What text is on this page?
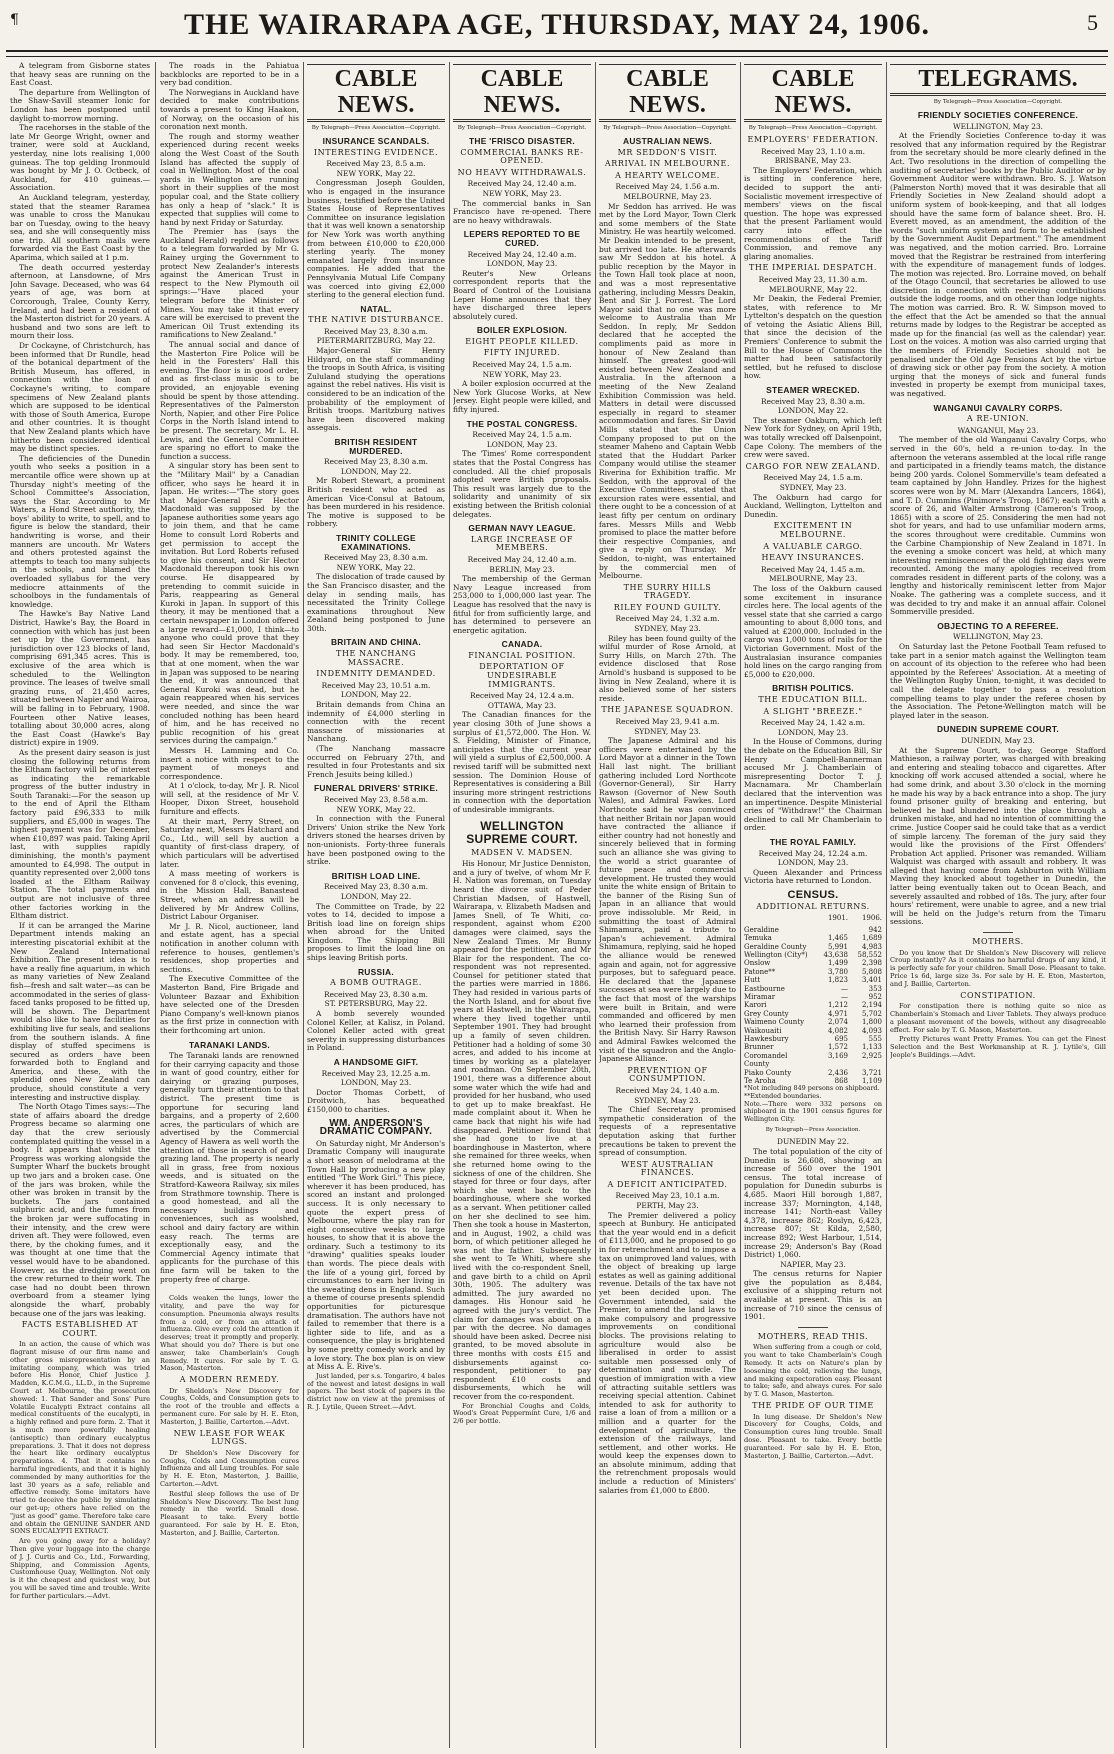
¶	THE WAIRARAPA AGE, THURSDAY, MAY 24, 1906.	5

A telegram from Gisborne states that heavy seas are running on the East Coast.

The departure from Wellington of the Shaw-Savill steamer Ionic for London has been postponed until daylight to-morrow morning.

The racehorses in the stable of the late Mr George Wright, owner and trainer, were sold at Auckland, yesterday, nine lots realising 1,000 guineas. The top gelding Ironmould was bought by Mr J. O. Octbeck, of Auckland, for 410 guineas.—Association.

An Auckland telegram, yesterday, stated that the steamer Raramea was unable to cross the Manukau bar on Tuesday, owing to the heavy sea, and she will consequently miss one trip. All southern mails were forwarded via the East Coast by the Aparima, which sailed at 1 p.m.

The death occurred yesterday afternoon, at Lansdowne, of Mrs John Savage. Deceased, who was 64 years of age, was born at Corcorough, Tralee, County Kerry, Ireland, and had been a resident of the Masterton district for 20 years. A husband and two sons are left to mourn their loss.

Dr Cockayne, of Christchurch, has been informed that Dr Rundle, head of the botanical department of the British Museum, has offered, in connection with the loan of Cockayne's writing, to compare specimens of New Zealand plants which are supposed to be identical with those of South America, Europe and other countries. It is thought that New Zealand plants which have hitherto been considered identical may be distinct species.

The deficiencies of the Dunedin youth who seeks a position in a mercantile office were shown up at Thursday night's meeting of the School Committee's Association, says the Star. According to Mr Waters, a Hond Street authority, the boys' ability to write, to spell, and to figure is below the standard, their handwriting is worse, and their manners are uncouth. Mr Waters and others protested against the attempts to teach too many subjects in the schools, and blamed the overloaded syllabus for the very mediocre attainments of the schoolboys in the fundamentals of knowledge.

The Hawke's Bay Native Land District, Hawke's Bay, the Board in connection with which has just been set up by the Government, has jurisdiction over 123 blocks of land, comprising 691,345 acres. This is exclusive of the area which is scheduled to the Wellington province. The leases of twelve small grazing runs, of 21,450 acres, situated between Napier and Wairoa, will be falling in to February, 1908. Fourteen other Native leases, totalling about 30,000 acres, along the East Coast (Hawke's Bay district) expire in 1909.

As the present dairy season is just closing the following returns from the Eltham factory will be of interest as indicating the remarkable progress of the butter industry in South Taranaki:—For the season up to the end of April the Eltham factory paid £96,333 to milk suppliers, and £5,000 in wages. The highest payment was for December, when £10,897 was paid. Taking April last, with supplies rapidly diminishing, the month's payment amounted to £4,998. The output in quantity represented over 2,000 tons loaded at the Eltham Railway Station. The total payments and output are not inclusive of three other factories working in the Eltham district.

If it can be arranged the Marine Department intends making an interesting piscatorial exhibit at the New Zealand International Exhibition. The present idea is to have a really fine aquarium, in which as many varieties of New Zealand fish—fresh and salt water—as can be accommodated in the series of glass-faced tanks proposed to be fitted up, will be shown. The Department would also like to have facilities for exhibiting live fur seals, and sealions from the southern islands. A fine display of stuffed specimens is secured as orders have been forwarded both to England and America, and these, with the splendid ones New Zealand can produce, should constitute a very interesting and instructive display.

The North Otago Times says:—The state of affairs aboard the dredge Progress became so alarming one day that the crew seriously contemplated quitting the vessel in a body. It appears that whilst the Progress was working alongside the Sumpter Wharf the buckets brought up two jars and a broken case. One of the jars was broken, while the other was broken in transit by the buckets. The jars contained sulphuric acid, and the fumes from the broken jar were suffocating in their intensity, and the crew were driven aft. They were followed, even there, by the choking fumes, and it was thought at one time that the vessel would have to be abandoned. However, as the dredging went on the crew returned to their work. The case had no doubt been thrown overboard from a steamer lying alongside the wharf, probably because one of the jars was leaking.

FACTS ESTABLISHED AT COURT.

In an action, the cause of which was flagrant misuse of our firm name and other gross misrepresentation by an imitating company, which was tried before His Honor, Chief Justice J. Madden, K.C.M.G., LL.D., in the Supreme Court at Melbourne, the prosecution showed: 1. That Sander and Sons' Pure Volatile Eucalypti Extract contains all medical constituents of the eucalypti, in a highly refined and pure form. 2. That it is much more powerfully healing (antiseptic) than ordinary eucalyptus preparations. 3. That it does not depress the heart like ordinary eucalyptus preparations. 4. That it contains no harmful ingredients, and that it is highly commended by many authorities for the last 30 years as a safe, reliable and effective remedy. Some imitators have tried to deceive the public by simulating our get-up; others have relied on the "just as good" game. Therefore take care and obtain the GENUINE SANDER AND SONS EUCALYPTI EXTRACT.

Are you going away for a holiday? Then give your luggage into the charge of J. J. Curtis and Co., Ltd., Forwarding, Shipping, and Commission Agents, Customhouse Quay, Wellington. Not only is it the cheapest and quickest way, but you will be saved time and trouble. Write for further particulars.—Advt.

The roads in the Pahiatua backblocks are reported to be in a very bad condition.

The Norwegians in Auckland have decided to make contributions towards a present to King Haakon, of Norway, on the occasion of his coronation next month.

The rough and stormy weather experienced during recent weeks along the West Coast of the South Island has affected the supply of coal in Wellington. Most of the coal yards in Wellington are running short in their supplies of the most popular coal, and the State colliery has only a heap of "slack." It is expected that supplies will come to hand by next Friday or Saturday.

The Premier has (says the Auckland Herald) replied as follows to a telegram forwarded by Mr G. Rainey urging the Government to protect New Zealander's interests against the American Trust in respect to the New Plymouth oil springs:—"Have placed your telegram before the Minister of Mines. You may take it that every care will be exercised to prevent the American Oil Trust extending its ramifications to New Zealand."

The annual social and dance of the Masterton Fire Police will be held in the Foresters' Hall this evening. The floor is in good order, and as first-class music is to be provided, an enjoyable evening should be spent by those attending. Representatives of the Palmerston North, Napier, and other Fire Police Corps in the North Island intend to be present. The secretary, Mr L. H. Lewis, and the General Committee are sparing no effort to make the function a success.

A singular story has been sent to the "Military Mail" by a Canadian officer, who says he heard it in Japan. He writes:—"The story goes that Major-General Sir Hector Macdonald was supposed by the Japanese authorities some years ago to join them, and that he came Home to consult Lord Roberts and get permission to accept the invitation. But Lord Roberts refused to give his consent, and Sir Hector Macdonald thereupon took his own course. He disappeared by pretending to commit suicide in Paris, reappearing as General Kuroki in Japan. In support of this theory, it may be mentioned that a certain newspaper in London offered a large reward—£1,000, I think—to anyone who could prove that they had seen Sir Hector Macdonald's body. It may be remembered, too, that at one moment, when the war in Japan was supposed to be nearing the end, it was announced that General Kuroki was dead, but he again reappeared when his services were needed, and since the war concluded nothing has been heard of him, and he has received no public recognition of his great services during the campaign."

Messrs H. Lamming and Co. insert a notice with respect to the payment of moneys and correspondence.

At 1 o'clock, to-day, Mr J. R. Nicol will sell, at the residence of Mr V. Hooper, Dixon Street, household furniture and effects.

At their mart, Perry Street, on Saturday next, Messrs Hatchard and Co., Ltd., will sell by auction a quantity of first-class drapery, of which particulars will be advertised later.

A mass meeting of workers is convened for 8 o'clock, this evening, in the Mission Hall, Banastead Street, when an address will be delivered by Mr Andrew Collins, District Labour Organiser.

Mr J. R. Nicol, auctioneer, land and estate agent, has a special notification in another column with reference to houses, gentlemen's residences, shop properties and sections.

The Executive Committee of the Masterton Band, Fire Brigade and Volunteer Bazaar and Exhibition have selected one of the Dresden Piano Company's well-known pianos as the first prize in connection with their forthcoming art union.

TARANAKI LANDS.

The Taranaki lands are renowned for their carrying capacity and those in want of good country, either for dairying or grazing purposes, generally turn their attention to that district. The present time is opportune for securing land bargains, and a property of 2,600 acres, the particulars of which are advertised by the Commercial Agency of Hawera as well worth the attention of those in search of good grazing land. The property is nearly all in grass, free from noxious weeds, and is situated on the Stratford-Kaweora Railway, six miles from Strathmore township. There is a good homestead, and all the necessary buildings and conveniences, such as woolshed, school and dairy factory are within easy reach. The terms are exceptionally easy, and the Commercial Agency intimate that applicants for the purchase of this fine farm will be taken to the property free of charge.

Colds weaken the lungs, lower the vitality, and pave the way for consumption. Pneumonia always results from a cold, or from an attack of influenza. Give every cold the attention it deserves; treat it promptly and properly. What should you do? There is but one answer, take Chamberlain's Cough Remedy. It cures. For sale by T. G. Mason, Masterton.

A MODERN REMEDY.

Dr Sheldon's New Discovery for Coughs, Colds, and Consumption gets to the root of the trouble and effects a permanent cure. For sale by H. E. Eton, Masterton, J. Baillie, Carterton.—Advt.

NEW LEASE FOR WEAK LUNGS.

Dr Sheldon's New Discovery for Coughs, Colds and Consumption cures Influenza and all Lung troubles. For sale by H. E. Eton, Masterton, J. Baillie, Carterton.—Advt.

Restful sleep follows the use of Dr Sheldon's New Discovery. The best lung remedy in the world. Small dose. Pleasant to take. Every bottle guaranteed. For sale by H. E. Eton, Masterton, and J. Baillie, Carterton.

CABLE NEWS.
By Telegraph—Press Association—Copyright.
INSURANCE SCANDALS.
INTERESTING EVIDENCE.
Received May 23, 8.5 a.m.
NEW YORK, May 22.

Congressman Joseph Goulden, who is engaged in the insurance business, testified before the United States House of Representatives Committee on insurance legislation that it was well known a senatorship for New York was worth anything from between £10,000 to £20,000 sterling yearly. The money emanated largely from insurance companies. He added that the Pennsylvania Mutual Life Company was coerced into giving £2,000 sterling to the general election fund.

NATAL.
THE NATIVE DISTURBANCE.
Received May 23, 8.30 a.m.
PIETERMARITZBURG, May 22.

Major-General Sir Henry Hildyard, on the staff commanding the troops in South Africa, is visiting Zululand studying the operations against the rebel natives. His visit is considered to be an indication of the probability of the employment of British troops. Maritzburg natives have been discovered making assegais.

BRITISH RESIDENT MURDERED.
Received May 23, 8.30 a.m.
LONDON, May 22.

Mr Robert Stewart, a prominent British resident who acted as American Vice-Consul at Batoum, has been murdered in his residence. The motive is supposed to be robbery.

TRINITY COLLEGE EXAMINATIONS.
Received May 23, 8.30 a.m.
NEW YORK, May 22.

The dislocation of trade caused by the San Francisco disaster, and the delay in sending mails, has necessitated the Trinity College examinations throughout New Zealand being postponed to June 30th.

BRITAIN AND CHINA.
THE NANCHANG MASSACRE.
INDEMNITY DEMANDED.
Received May 23, 10.51 a.m.
LONDON, May 22.

Britain demands from China an indemnity of £4,000 sterling in connection with the recent massacre of missionaries at Nanchang.

(The Nanchang massacre occurred on February 27th, and resulted in four Protestants and six French Jesuits being killed.)

FUNERAL DRIVERS' STRIKE.
Received May 23, 8.58 a.m.
NEW YORK, May 22.

In connection with the Funeral Drivers' Union strike the New York drivers stoned the hearses driven by non-unionists. Forty-three funerals have been postponed owing to the strike.

BRITISH LOAD LINE.
Received May 23, 8.30 a.m.
LONDON, May 22.

The Committee on Trade, by 22 votes to 14, decided to impose a British load line on foreign ships when abroad for the United Kingdom. The Shipping Bill proposes to limit the load line on ships leaving British ports.

RUSSIA.
A BOMB OUTRAGE.
Received May 23, 8.30 a.m.
ST. PETERSBURG, May 22.

A bomb severely wounded Colonel Keller, at Kalisz, in Poland. Colonel Keller acted with great severity in suppressing disturbances in Poland.

A HANDSOME GIFT.
Received May 23, 12.25 a.m.
LONDON, May 23.

Doctor Thomas Corbett, of Droitwich, has bequeathed £150,000 to charities.

WM. ANDERSON'S DRAMATIC COMPANY.

On Saturday night, Mr Anderson's Dramatic Company will inaugurate a short season of melodrama at the Town Hall by producing a new play entitled "The Work Girl." This piece, wherever it has been produced, has scored an instant and prolonged success. It is only necessary to quote the expert press of Melbourne, where the play ran for eight consecutive weeks to large houses, to show that it is above the ordinary. Such a testimony to its "drawing" qualities speaks louder than words. The piece deals with the life of a young girl, forced by circumstances to earn her living in the sweating dens in England. Such a theme of course presents splendid opportunities for picturesque dramatisation. The authors have not failed to remember that there is a lighter side to life, and as a consequence, the play is brightened by some pretty comedy work and by a love story. The box plan is on view at Miss A. E. Rive's.

Just landed, per s.s. Tongariro, 4 bales of the newest and latest designs in wall papers. The best stock of papers in the district now on view at the premises of R. J. Lytile, Queen Street.—Advt.

CABLE NEWS.
By Telegraph—Press Association—Copyright.
THE 'FRISCO DISASTER.
COMMERCIAL BANKS RE-OPENED.
NO HEAVY WITHDRAWALS.
Received May 24, 12.40 a.m.
NEW YORK, May 23.

The commercial banks in San Francisco have re-opened. There are no heavy withdrawals.

LEPERS REPORTED TO BE CURED.
Received May 24, 12.40 a.m.
LONDON, May 23.

Reuter's New Orleans correspondent reports that the Board of Control of the Louisiana Leper Home announces that they have discharged three lepers absolutely cured.

BOILER EXPLOSION.
EIGHT PEOPLE KILLED.
FIFTY INJURED.
Received May 24, 1.5 a.m.
NEW YORK, May 23.

A boiler explosion occurred at the New York Glucose Works, at New Jersey. Eight people were killed, and fifty injured.

THE POSTAL CONGRESS.
Received May 24, 1.5 a.m.
LONDON, May 23.

The 'Times' Rome correspondent states that the Postal Congress has concluded. All the chief proposals adopted were British proposals. This result was largely due to the solidarity and unanimity of six existing between the British colonial delegates.

GERMAN NAVY LEAGUE.
LARGE INCREASE OF MEMBERS.
Received May 24, 12.40 a.m.
BERLIN, May 23.

The membership of the German Navy League increased from 253,000 to 1,000,000 last year. The League has resolved that the navy is fitful for from sufficiently large, and has determined to persevere an energetic agitation.

CANADA.
FINANCIAL POSITION.
DEPORTATION OF UNDESIRABLE IMMIGRANTS.
Received May 24, 12.4 a.m.
OTTAWA, May 23.

The Canadian finances for the year closing 30th of June shows a surplus of £1,572,000. The Hon. W. S. Fielding, Minister of Finance, anticipates that the current year will yield a surplus of £2,500,000. A revised tariff will be submitted next session. The Dominion House of Representatives is considering a Bill insuring more stringent restrictions in connection with the deportation of undesirable immigrants.

WELLINGTON SUPREME COURT.
MADSEN V. MADSEN.

His Honour, Mr Justice Denniston, and a jury of twelve, of whom Mr F. H. Nation was foreman, on Tuesday heard the divorce suit of Peder Christian Madsen, of Hastwell, Wairarapa, v. Elizabeth Madsen and James Snell, of Te Whiti, co-respondent, against whom £200 damages were claimed, says the New Zealand Times. Mr Bunny appeared for the petitioner, and Mr Blair for the respondent. The co-respondent was not represented. Counsel for petitioner stated that the parties were married in 1886. They had resided in various parts of the North Island, and for about five years at Hastwell, in the Wairarapa, where they lived together until September 1901. They had brought up a family of seven children. Petitioner had a holding of some 30 acres, and added to his income at times by working as a platelayer and roadman. On September 20th, 1901, there was a difference about some water which the wife had and provided for her husband, who used to get up to make breakfast. He made complaint about it. When he came back that night his wife had disappeared. Petitioner found that she had gone to live at a boardinghouse in Masterton, where she remained for three weeks, when she returned home owing to the sickness of one of the children. She stayed for three or four days, after which she went back to the boardinghouse, where she worked as a servant. When petitioner called on her she declined to see him. Then she took a house in Masterton, and in August, 1902, a child was born, of which petitioner alleged he was not the father. Subsequently she went to Te Whiti, where she lived with the co-respondent Snell, and gave birth to a child on April 30th, 1905. The adultery was admitted. The jury awarded no damages. His Honour said he agreed with the jury's verdict. The claim for damages was about on a par with the decree. No damages should have been asked. Decree nisi granted, to be moved absolute in three months with costs £15 and disbursements against co-respondent, petitioner to pay respondent £10 costs and disbursements, which he will recover from the co-respondent.

For Bronchial Coughs and Colds, Wood's Great Peppermint Cure, 1/6 and 2/6 per bottle.

CABLE NEWS.
By Telegraph—Press Association—Copyright.
AUSTRALIAN NEWS.
MR SEDDON'S VISIT.
ARRIVAL IN MELBOURNE.
A HEARTY WELCOME.
Received May 24, 1.56 a.m.
MELBOURNE, May 23.

Mr Seddon has arrived. He was met by the Lord Mayor, Town Clerk and some members of the State Ministry. He was heartily welcomed. Mr Deakin intended to be present, but arrived too late. He afterwards saw Mr Seddon at his hotel. A public reception by the Mayor in the Town Hall took place at noon, and was a most representative gathering, including Messrs Deakin, Bent and Sir J. Forrest. The Lord Mayor said that no one was more welcome to Australia than Mr Seddon. In reply, Mr Seddon declared that he accepted the compliments paid as more in honour of New Zealand than himself. The greatest good-will existed between New Zealand and Australia. In the afternoon a meeting of the New Zealand Exhibition Commission was held. Matters in detail were discussed especially in regard to steamer accommodation and fares. Sir David Mills stated that the Union Company proposed to put on the steamer Maheno and Captain Webb stated that the Huddart Parker Company would utilise the steamer Riverina for Exhibition traffic. Mr Seddon, with the approval of the Executive Committees, stated that excursion rates were essential, and there ought to be a concession of at least fifty per centum on ordinary fares. Messrs Mills and Webb promised to place the matter before their respective Companies, and give a reply on Thursday. Mr Seddon, to-night, was entertained by the commercial men of Melbourne.

THE SURRY HILLS TRAGEDY.
RILEY FOUND GUILTY.
Received May 24, 1.32 a.m.
SYDNEY, May 23.

Riley has been found guilty of the wilful murder of Rose Arnold, at Surry Hills, on March 27th. The evidence disclosed that Rose Arnold's husband is supposed to be living in New Zealand, where it is also believed some of her sisters reside.

THE JAPANESE SQUADRON.
Received May 23, 9.41 a.m.
SYDNEY, May 23.

The Japanese Admiral and his officers were entertained by the Lord Mayor at a dinner in the Town Hall last night. The brilliant gathering included Lord Northcote (Governor-General), Sir Harry Rawson (Governor of New South Wales), and Admiral Fawkes. Lord Northcote said he was convinced that neither Britain nor Japan would have contracted the alliance if either country had not honestly and sincerely believed that in forming such an alliance she was giving to the world a strict guarantee of future peace and commercial development. He trusted they would unite the white ensign of Britain to the banner of the Rising Sun of Japan in an alliance that would prove indissoluble. Mr Reid, in submitting the toast of Admiral Shimamura, paid a tribute to Japan's achievement. Admiral Shimamura, replying, said he hoped the alliance would be renewed again and again, not for aggressive purposes, but to safeguard peace. He declared that the Japanese successes at sea were largely due to the fact that most of the warships were built in Britain, and were commanded and officered by men who learned their profession from the British Navy. Sir Harry Rawson and Admiral Fawkes welcomed the visit of the squadron and the Anglo-Japanese Alliance.

PREVENTION OF CONSUMPTION.
Received May 24, 1.40 a.m.
SYDNEY, May 23.

The Chief Secretary promised sympathetic consideration of the requests of a representative deputation asking that further precautions be taken to prevent the spread of consumption.

WEST AUSTRALIAN FINANCES.
A DEFICIT ANTICIPATED.
Received May 23, 10.1 a.m.
PERTH, May 23.

The Premier delivered a policy speech at Bunbury. He anticipated that the year would end in a deficit of £113,000, and he proposed to go in for retrenchment and to impose a tax on unimproved land values, with the object of breaking up large estates as well as gaining additional revenue. Details of the tax have not yet been decided upon. The Government intended, said the Premier, to amend the land laws to make compulsory and progressive improvements on conditional blocks. The provisions relating to agriculture would also be liberalised in order to assist suitable men possessed only of determination and muscle. The question of immigration with a view of attracting suitable settlers was receiving special attention. Cabinet intended to ask for authority to raise a loan of from a million or a million and a quarter for the development of agriculture, the extension of the railways, land settlement, and other works. He would keep the expenses down to an absolute minimum, adding that the retrenchment proposals would include a reduction of Ministers' salaries from £1,000 to £800.

CABLE NEWS.
By Telegraph—Press Association—Copyright.
EMPLOYERS' FEDERATION.
Received May 23, 1.10 a.m.
BRISBANE, May 23.

The Employers' Federation, which is sitting in conference here, decided to support the anti-Socialistic movement irrespective of members' views on the fiscal question. The hope was expressed that the present Parliament would carry into effect the recommendations of the Tariff Commission, and remove any glaring anomalies.

THE IMPERIAL DESPATCH.
Received May 23, 11.30 a.m.
MELBOURNE, May 22.

Mr Deakin, the Federal Premier, states, with reference to Mr Lyttelton's despatch on the question of vetoing the Asiatic Aliens Bill, that since the decision of the Premiers' Conference to submit the Bill to the House of Commons the matter had been satisfactorily settled, but he refused to disclose how.

STEAMER WRECKED.
Received May 23, 8.30 a.m.
LONDON, May 22.

The steamer Oakburn, which left New York for Sydney, on April 19th, was totally wrecked off Dalsenpoint, Cape Colony. The members of the crew were saved.

CARGO FOR NEW ZEALAND.
Received May 24, 1.5 a.m.
SYDNEY, May 23.

The Oakburn had cargo for Auckland, Wellington, Lyttelton and Dunedin.

EXCITEMENT IN MELBOURNE.
A VALUABLE CARGO.
HEAVY INSURANCES.
Received May 24, 1.45 a.m.
MELBOURNE, May 23.

The loss of the Oakburn caused some excitement in insurance circles here. The local agents of the vessel state that she carried a cargo amounting to about 8,000 tons, and valued at £200,000. Included in the cargo was 1,000 tons of rails for the Victorian Government. Most of the Australasian insurance companies hold lines on the cargo ranging from £5,000 to £20,000.

BRITISH POLITICS.
THE EDUCATION BILL.
A SLIGHT "BREEZE."
Received May 24, 1.42 a.m.
LONDON, May 23.

In the House of Commons, during the debate on the Education Bill, Sir Henry Campbell-Bannerman accused Mr J. Chamberlain of misrepresenting Doctor T. J. Macnamara. Mr Chamberlain declared that the intervention was an impertinence. Despite Ministerial cries of "Withdraw!" the Chairman declined to call Mr Chamberlain to order.

THE ROYAL FAMILY.
Received May 24, 12.24 a.m.
LONDON, May 23.

Queen Alexander and Princess Victoria have returned to London.

CENSUS.
ADDITIONAL RETURNS.
1901.	1906.
Geraldine	942
Temuka	1,465	1,689
Geraldine County	5,991	4,983
Wellington (City*)	43,638	58,552
Onslow	1,499	2,398
Patone**	3,780	5,808
Hutt	1,823	3,401
Eastbourne	—	353
Miramar	—	952
Karori	1,212	2,194
Grey County	4,971	5,702
Waimeno County	2,074	1,800
Waikouaiti	4,082	4,093
Hawkesbury	695	555
Brunner	1,572	1,133
Coromandel County
3,169	2,925
Piako County	2,436	3,721
Te Aroha	868	1,109

*Not including 849 persons on shipboard.

**Extended boundaries.

Note.—There were 332 persons on shipboard in the 1901 census figures for Wellington City.

By Telegraph—Press Association.
DUNEDIN May 22.

The total population of the city of Dunedin is 26,608, showing an increase of 560 over the 1901 census. The total increase of population for Dunedin suburbs is 4,685. Maori Hill borough 1,887, increase 337; Mornington, 4,148, increase 141; North-east Valley 4,378, increase 862; Roslyn, 6,423, increase 807; St Kilda, 2,580, increase 892; West Harbour, 1,514, increase 29; Anderson's Bay (Road District) 1,060.

NAPIER, May 23.

The census returns for Napier give the population as 8,484, exclusive of a shipping return not available at present. This is an increase of 710 since the census of 1901.

MOTHERS, READ THIS.

When suffering from a cough or cold, you want to take Chamberlain's Cough Remedy. It acts on Nature's plan by loosening the cold, relieving the lungs, and making expectoration easy. Pleasant to take; safe, and always cures. For sale by T. G. Mason, Masterton.

THE PRIDE OF OUR TIME

In lung disease. Dr Sheldon's New Discovery for Coughs, Colds, and Consumption cures lung trouble. Small dose. Pleasant to take. Every bottle guaranteed. For sale by H. E. Eton, Masterton, J. Baillie, Carterton.—Advt.

TELEGRAMS.
By Telegraph—Press Association—Copyright.
FRIENDLY SOCIETIES CONFERENCE.
WELLINGTON, May 23.

At the Friendly Societies Conference to-day it was resolved that any information required by the Registrar from the secretary should be more clearly defined in the Act. Two resolutions in the direction of compelling the auditing of secretaries' books by the Public Auditor or by Government Auditor were withdrawn. Bro. S. J. Watson (Palmerston North) moved that it was desirable that all Friendly Societies in New Zealand should adopt a uniform system of book-keeping, and that all lodges should have the same form of balance sheet. Bro. H. Everett moved, as an amendment, the addition of the words "such uniform system and form to be established by the Government Audit Department." The amendment was negatived, and the motion carried. Bro. Lorraine moved that the Registrar be restrained from interfering with the expenditure of management funds of lodges. The motion was rejected. Bro. Lorraine moved, on behalf of the Otago Council, that secretaries be allowed to use discretion in connection with receiving contributions outside the lodge rooms, and on other than lodge nights. The motion was carried. Bro. R. W. Simpson moved to the effect that the Act be amended so that the annual returns made by lodges to the Registrar be accepted as made up for the financial (as well as the calendar) year. Lost on the voices. A motion was also carried urging that the members of Friendly Societies should not be penalised under the Old Age Pensions Act by the virtue of drawing sick or other pay from the society. A motion urging that the moneys of sick and funeral funds invested in property be exempt from municipal taxes, was negatived.

WANGANUI CAVALRY CORPS.
A RE-UNION.
WANGANUI, May 23.

The member of the old Wanganui Cavalry Corps, who served in the 60's, held a re-union to-day. In the afternoon the veterans assembled at the local rifle range and participated in a friendly teams match, the distance being 200 yards. Colonel Sommerville's team defeated a team captained by John Handley. Prizes for the highest scores were won by M. Marr (Alexandra Lancers, 1864), and T. D. Cummins (Pinimore's Troop, 1867); each with a score of 26, and Walter Armstrong (Cameron's Troop, 1865) with a score of 25. Considering the men had not shot for years, and had to use unfamiliar modern arms, the scores throughout were creditable. Cummins won the Carbine Championship of New Zealand in 1871. In the evening a smoke concert was held, at which many interesting reminiscences of the old fighting days were recounted. Among the many apologies received from comrades resident in different parts of the colony, was a lengthy and historically reminiscent letter from Major Noake. The gathering was a complete success, and it was decided to try and make it an annual affair. Colonel Sommerville presided.

OBJECTING TO A REFEREE.
WELLINGTON, May 23.

On Saturday last the Petone Football Team refused to take part in a senior match against the Wellington team on account of its objection to the referee who had been appointed by the Referees' Association. At a meeting of the Wellington Rugby Union, to-night, it was decided to call the delegate together to pass a resolution compelling teams to play under the referee chosen by the Association. The Petone-Wellington match will be played later in the season.

DUNEDIN SUPREME COURT.
DUNEDIN, May 23.

At the Supreme Court, to-day, George Stafford Mathieson, a railway porter, was charged with breaking and entering and stealing tobacco and cigarettes. After knocking off work accused attended a social, where he had some drink, and about 3.30 o'clock in the morning he made his way by a back entrance into a shop. The jury found prisoner guilty of breaking and entering, but believed he had blundered into the place through a drunken mistake, and had no intention of committing the crime. Justice Cooper said he could take that as a verdict of simple larceny. The foreman of the jury said they would like the provisions of the First Offenders' Probation Act applied. Prisoner was remanded. William Walquist was charged with assault and robbery. It was alleged that having come from Ashburton with William Maving they knocked about together in Dunedin, the latter being eventually taken out to Ocean Beach, and severely assaulted and robbed of 18s. The jury, after four hours' retirement, were unable to agree, and a new trial will be held on the Judge's return from the Timaru sessions.

MOTHERS.

Do you know that Dr Sheldon's New Discovery will relieve Croup instantly? As it contains no harmful drugs of any kind, it is perfectly safe for your children. Small Dose. Pleasant to take. Price 1s 6d, large size 3s. For sale by H. E. Eton, Masterton, and J. Baillie, Carterton.

CONSTIPATION.

For constipation there is nothing quite so nice as Chamberlain's Stomach and Liver Tablets. They always produce a pleasant movement of the bowels, without any disagreeable effect. For sale by T. G. Mason, Masterton.

Pretty Pictures want Pretty Frames. You can get the Finest Selection and the Best Workmanship at R. J. Lytile's, Gill Jeople's Buildings.—Advt.
